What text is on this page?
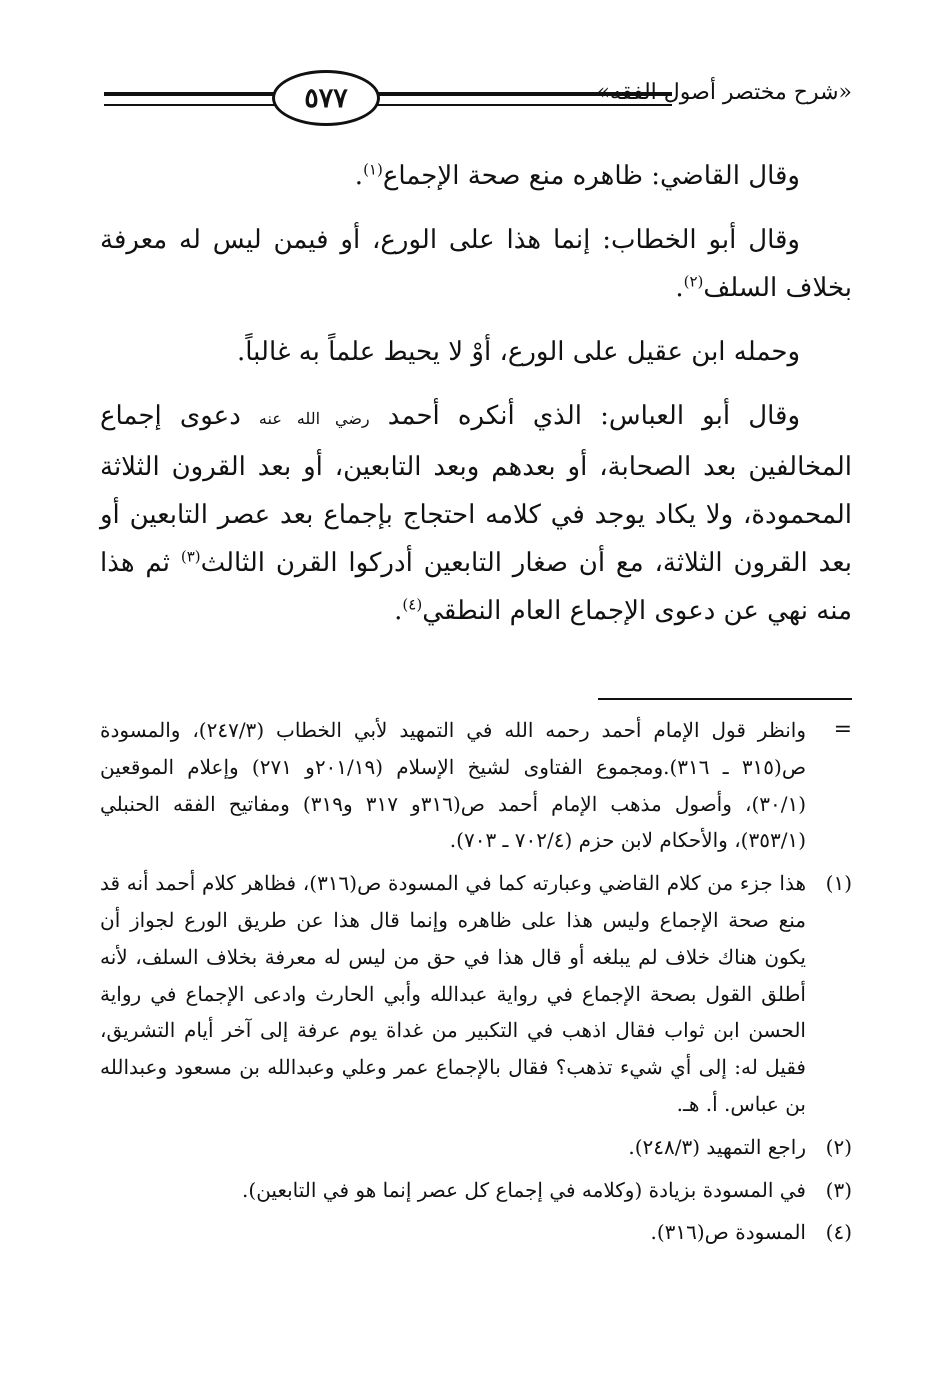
٥٧٧	«شرح مختصر أصول الفقه»

وقال القاضي: ظاهره منع صحة الإجماع$^{(١)}$.

وقال أبو الخطاب: إنما هذا على الورع، أو فيمن ليس له معرفة بخلاف السلف$^{(٢)}$.

وحمله ابن عقيل على الورع، أوْ لا يحيط علماً به غالباً.

وقال أبو العباس: الذي أنكره أحمد رضي الله عنه دعوى إجماع المخالفين بعد الصحابة، أو بعدهم وبعد التابعين، أو بعد القرون الثلاثة المحمودة، ولا يكاد يوجد في كلامه احتجاج بإجماع بعد عصر التابعين أو بعد القرون الثلاثة، مع أن صغار التابعين أدركوا القرن الثالث$^{(٣)}$ ثم هذا منه نهي عن دعوى الإجماع العام النطقي$^{(٤)}$.

=
وانظر قول الإمام أحمد رحمه الله في التمهيد لأبي الخطاب (٢٤٧/٣)، والمسودة ص(٣١٥ ـ ٣١٦).ومجموع الفتاوى لشيخ الإسلام (٢٠١/١٩و ٢٧١) وإعلام الموقعين (٣٠/١)، وأصول مذهب الإمام أحمد ص(٣١٦و ٣١٧ و٣١٩) ومفاتيح الفقه الحنبلي (٣٥٣/١)، والأحكام لابن حزم (٧٠٢/٤ ـ ٧٠٣).
(١)
هذا جزء من كلام القاضي وعبارته كما في المسودة ص(٣١٦)، فظاهر كلام أحمد أنه قد منع صحة الإجماع وليس هذا على ظاهره وإنما قال هذا عن طريق الورع لجواز أن يكون هناك خلاف لم يبلغه أو قال هذا في حق من ليس له معرفة بخلاف السلف، لأنه أطلق القول بصحة الإجماع في رواية عبدالله وأبي الحارث وادعى الإجماع في رواية الحسن ابن ثواب فقال اذهب في التكبير من غداة يوم عرفة إلى آخر أيام التشريق، فقيل له: إلى أي شيء تذهب؟ فقال بالإجماع عمر وعلي وعبدالله بن مسعود وعبدالله بن عباس. أ. هـ.
(٢)
راجع التمهيد (٢٤٨/٣).
(٣)
في المسودة بزيادة (وكلامه في إجماع كل عصر إنما هو في التابعين).
(٤)
المسودة ص(٣١٦).
